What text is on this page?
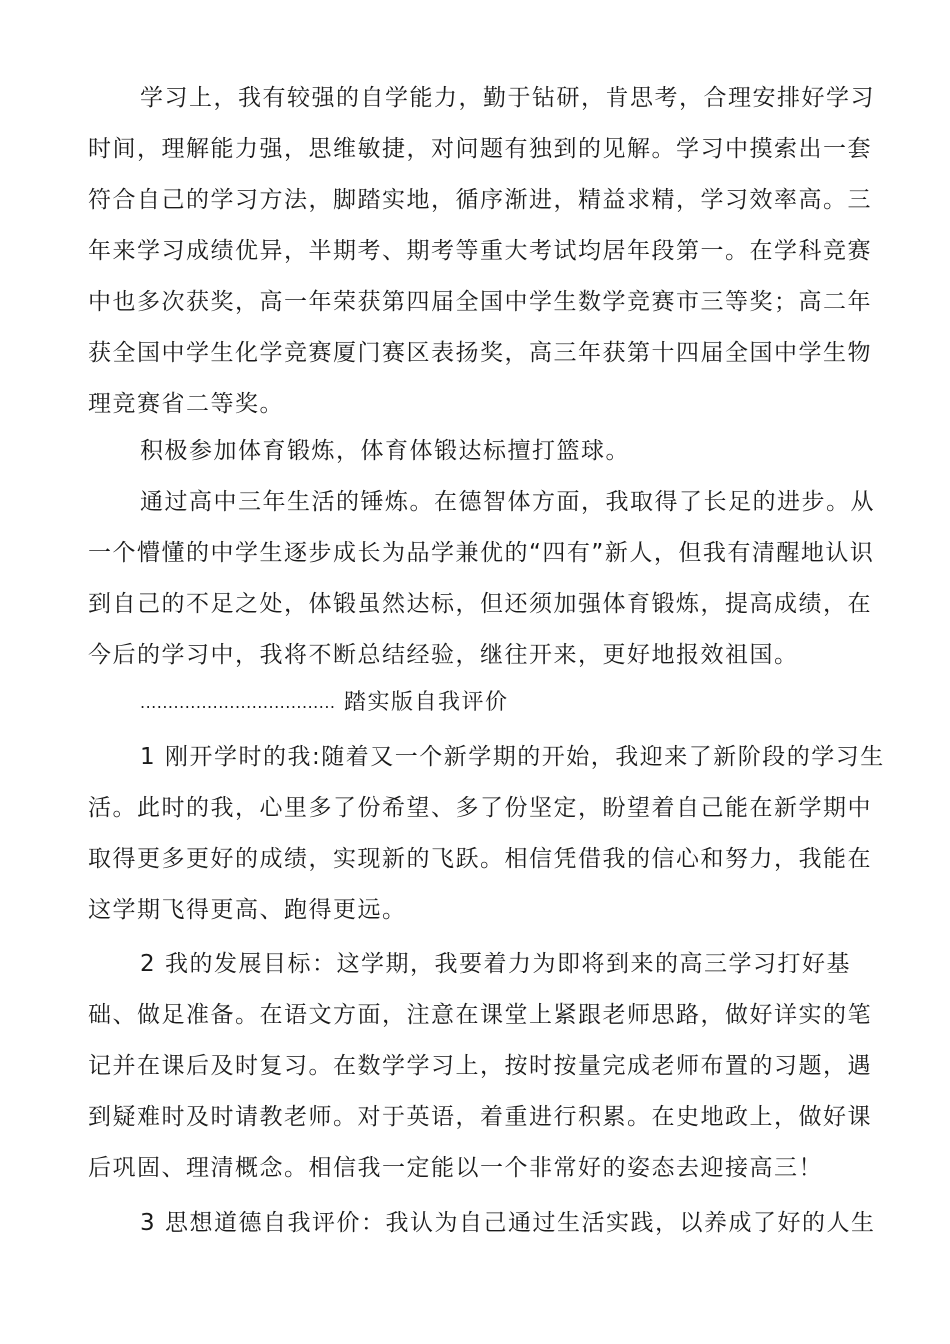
学习上，我有较强的自学能力，勤于钻研，肯思考，合理安排好学习

时间，理解能力强，思维敏捷，对问题有独到的见解。学习中摸索出一套

符合自己的学习方法，脚踏实地，循序渐进，精益求精，学习效率高。三

年来学习成绩优异，半期考、期考等重大考试均居年段第一。在学科竞赛

中也多次获奖，高一年荣获第四届全国中学生数学竞赛市三等奖；高二年

获全国中学生化学竞赛厦门赛区表扬奖，高三年获第十四届全国中学生物

理竞赛省二等奖。

积极参加体育锻炼，体育体锻达标擅打篮球。

通过高中三年生活的锤炼。在德智体方面，我取得了长足的进步。从

一个懵懂的中学生逐步成长为品学兼优的“四有”新人，但我有清醒地认识

到自己的不足之处，体锻虽然达标，但还须加强体育锻炼，提高成绩，在

今后的学习中，我将不断总结经验，继往开来，更好地报效祖国。

................................... 踏实版自我评价

1 刚开学时的我:随着又一个新学期的开始，我迎来了新阶段的学习生

活。此时的我，心里多了份希望、多了份坚定，盼望着自己能在新学期中

取得更多更好的成绩，实现新的飞跃。相信凭借我的信心和努力，我能在

这学期飞得更高、跑得更远。

2 我的发展目标：这学期，我要着力为即将到来的高三学习打好基

础、做足准备。在语文方面，注意在课堂上紧跟老师思路，做好详实的笔

记并在课后及时复习。在数学学习上，按时按量完成老师布置的习题，遇

到疑难时及时请教老师。对于英语，着重进行积累。在史地政上，做好课

后巩固、理清概念。相信我一定能以一个非常好的姿态去迎接高三！

3 思想道德自我评价：我认为自己通过生活实践，以养成了好的人生
